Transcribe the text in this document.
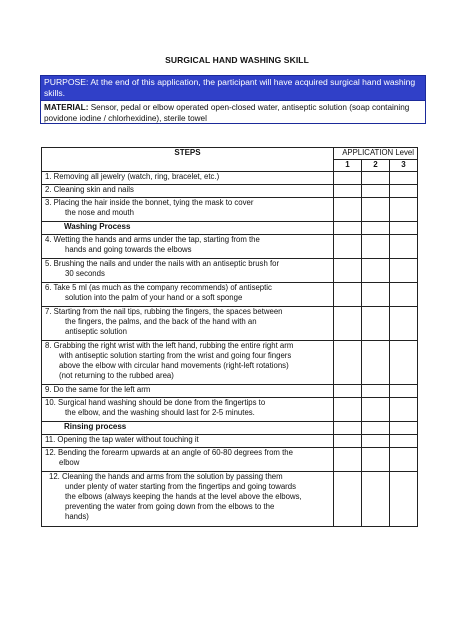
SURGICAL HAND WASHING SKILL
PURPOSE: At the end of this application, the participant will have acquired surgical hand washing skills.
MATERIAL: Sensor, pedal or elbow operated open-closed water, antiseptic solution (soap containing povidone iodine / chlorhexidine), sterile towel
STEPS	APPLICATION Level		
	1	2	3
1. Removing all jewelry (watch, ring, bracelet, etc.)			
2. Cleaning skin and nails			
3. Placing the hair inside the bonnet, tying the mask to cover
the nose and mouth			

Washing Process			
4. Wetting the hands and arms under the tap, starting from the
hands and going towards the elbows			

5. Brushing the nails and under the nails with an antiseptic brush for
30 seconds			

6. Take 5 ml (as much as the company recommends) of antiseptic
solution into the palm of your hand or a soft sponge			

7. Starting from the nail tips, rubbing the fingers, the spaces between
the fingers, the palms, and the back of the hand with an
antiseptic solution			

8. Grabbing the right wrist with the left hand, rubbing the entire right arm
with antiseptic solution starting from the wrist and going four fingers
above the elbow with circular hand movements (right-left rotations)
(not returning to the rubbed area)			

9. Do the same for the left arm			
10. Surgical hand washing should be done from the fingertips to
the elbow, and the washing should last for 2-5 minutes.			

Rinsing process			
11. Opening the tap water without touching it			
12. Bending the forearm upwards at an angle of 60-80 degrees from the
elbow			

12. Cleaning the hands and arms from the solution by passing them
under plenty of water starting from the fingertips and going towards
the elbows (always keeping the hands at the level above the elbows,
preventing the water from going down from the elbows to the
hands)			
